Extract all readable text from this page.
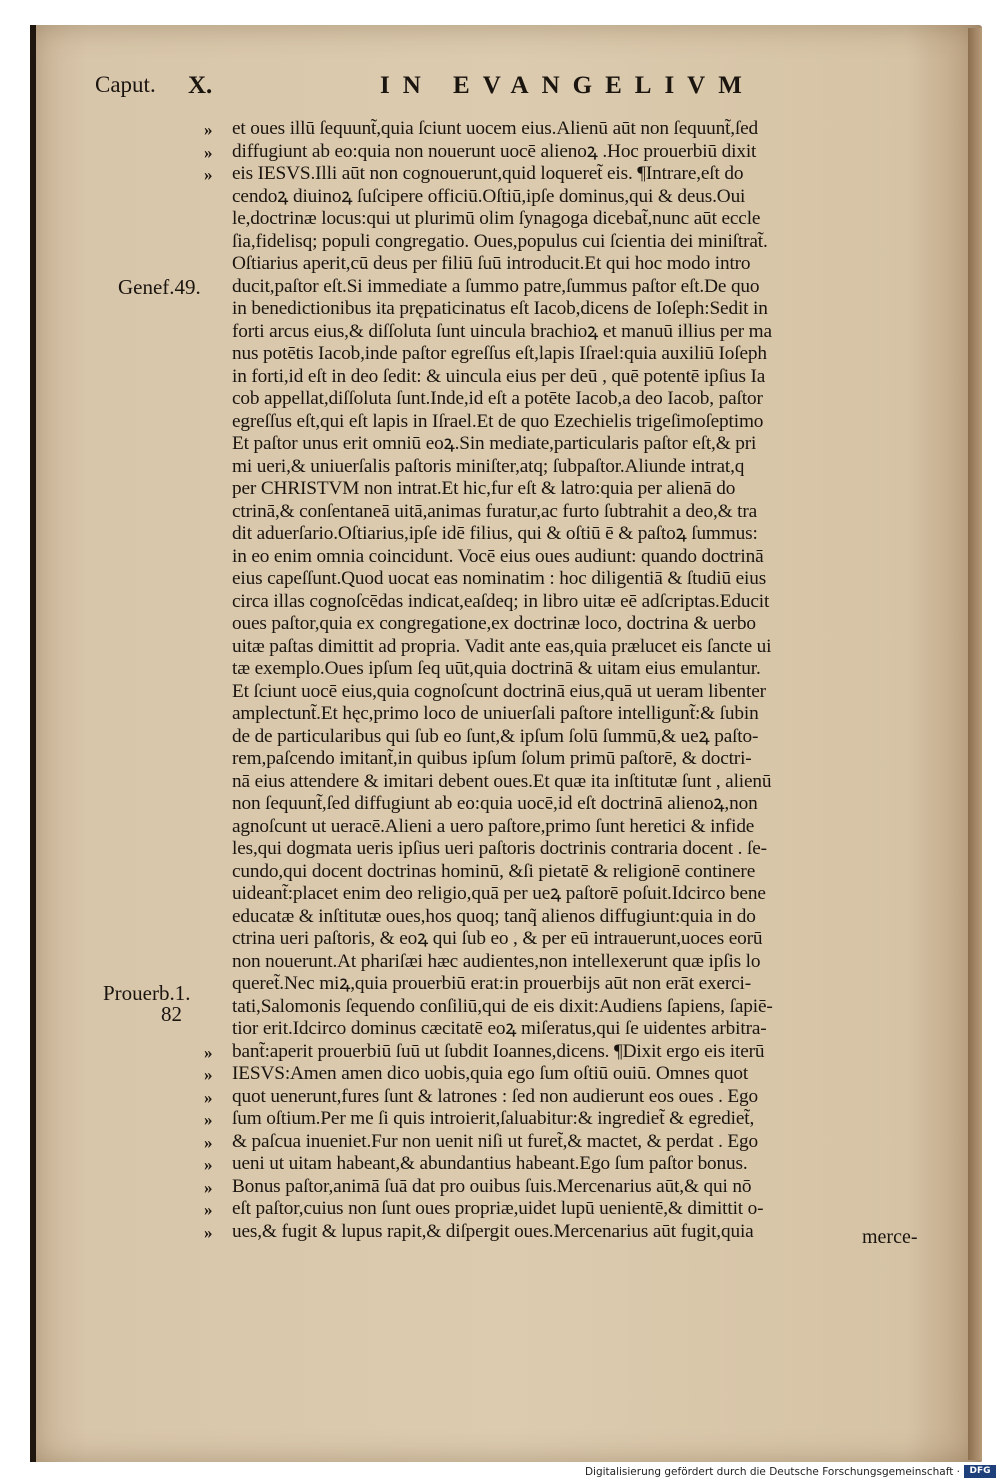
Caput. X.	IN EVANGELIVM
Genef.49.
Prouerb.1.
82
»
»
»
»
»
»
»
»
»
»
»
»
et oues illū ſequunt̃,quia ſciunt uocem eius.Alienū aūt non ſequunt̃,ſed
diffugiunt ab eo:quia non nouerunt uocē alienoꝝ .Hoc prouerbiū dixit
eis IESVS.Illi aūt non cognouerunt,quid loqueret̃ eis. ¶Intrare,eſt do
cendoꝝ diuinoꝝ ſuſcipere officiū.Oſtiū,ipſe dominus,qui & deus.Oui
le,doctrinæ locus:qui ut plurimū olim ſynagoga dicebat̃,nunc aūt eccle
ſia,fidelisq; populi congregatio. Oues,populus cui ſcientia dei miniſtrat̃.
Oſtiarius aperit,cū deus per filiū ſuū introducit.Et qui hoc modo intro
ducit,paſtor eſt.Si immediate a ſummo patre,ſummus paſtor eſt.De quo
in benedictionibus ita prępaticinatus eſt Iacob,dicens de Ioſeph:Sedit in
forti arcus eius,& diſſoluta ſunt uincula brachioꝝ et manuū illius per ma
nus potētis Iacob,inde paſtor egreſſus eſt,lapis Iſrael:quia auxiliū Ioſeph
in forti,id eſt in deo ſedit: & uincula eius per deū , quē potentē ipſius Ia
cob appellat,diſſoluta ſunt.Inde,id eſt a potēte Iacob,a deo Iacob, paſtor
egreſſus eſt,qui eſt lapis in Iſrael.Et de quo Ezechielis trigeſimoſeptimo
Et paſtor unus erit omniū eoꝝ.Sin mediate,particularis paſtor eſt,& pri
mi ueri,& uniuerſalis paſtoris miniſter,atq; ſubpaſtor.Aliunde intrat,q
per CHRISTVM non intrat.Et hic,fur eſt & latro:quia per alienā do
ctrinā,& conſentaneā uitā,animas furatur,ac furto ſubtrahit a deo,& tra
dit aduerſario.Oſtiarius,ipſe idē filius, qui & oſtiū ē & paſtoꝝ ſummus:
in eo enim omnia coincidunt. Vocē eius oues audiunt: quando doctrinā
eius capeſſunt.Quod uocat eas nominatim : hoc diligentiā & ſtudiū eius
circa illas cognoſcēdas indicat,eaſdeq; in libro uitæ eē adſcriptas.Educit
oues paſtor,quia ex congregatione,ex doctrinæ loco, doctrina & uerbo
uitæ paſtas dimittit ad propria. Vadit ante eas,quia prælucet eis ſancte ui
tæ exemplo.Oues ipſum ſeq uūt,quia doctrinā & uitam eius emulantur.
Et ſciunt uocē eius,quia cognoſcunt doctrinā eius,quā ut ueram libenter
amplectunt̃.Et hęc,primo loco de uniuerſali paſtore intelligunt̃:& ſubin
de de particularibus qui ſub eo ſunt,& ipſum ſolū ſummū,& ueꝝ paſto-
rem,paſcendo imitant̃,in quibus ipſum ſolum primū paſtorē, & doctri-
nā eius attendere & imitari debent oues.Et quæ ita inſtitutæ ſunt , alienū
non ſequunt̃,ſed diffugiunt ab eo:quia uocē,id eſt doctrinā alienoꝝ,non
agnoſcunt ut ueracē.Alieni a uero paſtore,primo ſunt heretici & infide
les,qui dogmata ueris ipſius ueri paſtoris doctrinis contraria docent . ſe-
cundo,qui docent doctrinas hominū, &ſi pietatē & religionē continere
uideant̃:placet enim deo religio,quā per ueꝝ paſtorē poſuit.Idcirco bene
educatæ & inſtitutæ oues,hos quoq; tanq̃ alienos diffugiunt:quia in do
ctrina ueri paſtoris, & eoꝝ qui ſub eo , & per eū intrauerunt,uoces eorū
non nouerunt.At phariſæi hæc audientes,non intellexerunt quæ ipſis lo
queret̃.Nec miꝝ,quia prouerbiū erat:in prouerbijs aūt non erāt exerci-
tati,Salomonis ſequendo conſiliū,qui de eis dixit:Audiens ſapiens, ſapiē-
tior erit.Idcirco dominus cæcitatē eoꝝ miſeratus,qui ſe uidentes arbitra-
bant̃:aperit prouerbiū ſuū ut ſubdit Ioannes,dicens. ¶Dixit ergo eis iterū
IESVS:Amen amen dico uobis,quia ego ſum oſtiū ouiū. Omnes quot
quot uenerunt,fures ſunt & latrones : ſed non audierunt eos oues . Ego
ſum oſtium.Per me ſi quis introierit,ſaluabitur:& ingrediet̃ & egrediet̃,
& paſcua inueniet.Fur non uenit niſi ut furet̃,& mactet, & perdat . Ego
ueni ut uitam habeant,& abundantius habeant.Ego ſum paſtor bonus.
Bonus paſtor,animā ſuā dat pro ouibus ſuis.Mercenarius aūt,& qui nō
eſt paſtor,cuius non ſunt oues propriæ,uidet lupū uenientē,& dimittit o-
ues,& fugit & lupus rapit,& diſpergit oues.Mercenarius aūt fugit,quia	merce-
Digitalisierung gefördert durch die Deutsche Forschungsgemeinschaft ·	DFG
